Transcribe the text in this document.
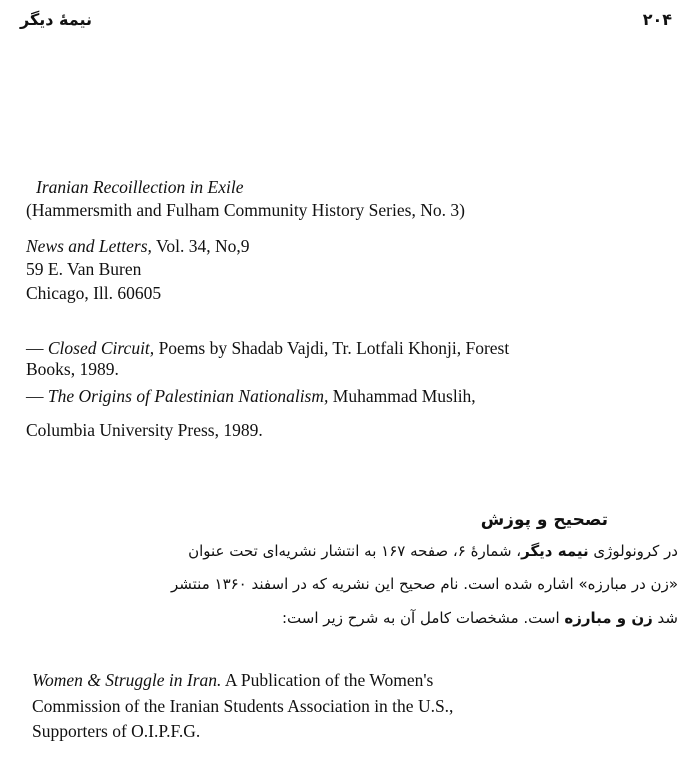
نیمهٔ دیگر	۲۰۴
Iranian Recoillection in Exile
(Hammersmith and Fulham Community History Series, No. 3)
News and Letters, Vol. 34, No,9
59 E. Van Buren
Chicago, Ill. 60605
— Closed Circuit, Poems by Shadab Vajdi, Tr. Lotfali Khonji, Forest
Books, 1989.
— The Origins of Palestinian Nationalism, Muhammad Muslih,
Columbia University Press, 1989.
تصحیح و پوزش
در کرونولوژی نیمه دیگر، شمارهٔ ۶، صفحه ۱۶۷ به انتشار نشریه‌ای تحت عنوان
«زن در مبارزه» اشاره شده است. نام صحیح این نشریه که در اسفند ۱۳۶۰ منتشر
شد زن و مبارزه است. مشخصات کامل آن به شرح زیر است:
Women & Struggle in Iran. A Publication of the Women's
Commission of the Iranian Students Association in the U.S.,
Supporters of O.I.P.F.G.
